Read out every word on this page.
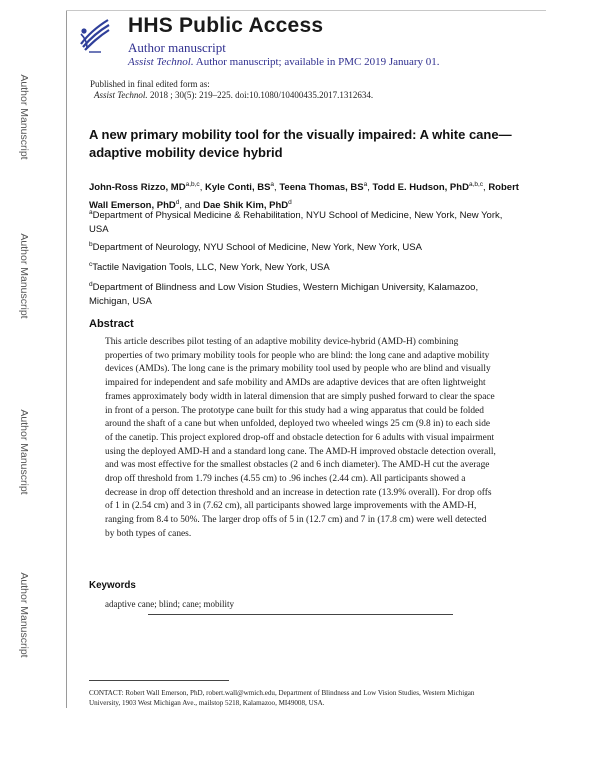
Author Manuscript
Author Manuscript
Author Manuscript
Author Manuscript
HHS Public Access
Author manuscript
Assist Technol. Author manuscript; available in PMC 2019 January 01.
Published in final edited form as:
Assist Technol. 2018 ; 30(5): 219–225. doi:10.1080/10400435.2017.1312634.
A new primary mobility tool for the visually impaired: A white cane—adaptive mobility device hybrid
John-Ross Rizzo, MD$^{a,b,c}$, Kyle Conti, $BS^a$, Teena Thomas, $BS^a$, Todd E. Hudson, PhD$^{a,b,c}$, Robert Wall Emerson, PhD$^d$, and Dae Shik Kim, PhD$^d$
$^a$Department of Physical Medicine & Rehabilitation, NYU School of Medicine, New York, New York, USA
$^b$Department of Neurology, NYU School of Medicine, New York, New York, USA
$^c$Tactile Navigation Tools, LLC, New York, New York, USA
$^d$Department of Blindness and Low Vision Studies, Western Michigan University, Kalamazoo, Michigan, USA
Abstract
This article describes pilot testing of an adaptive mobility device-hybrid (AMD-H) combining properties of two primary mobility tools for people who are blind: the long cane and adaptive mobility devices (AMDs). The long cane is the primary mobility tool used by people who are blind and visually impaired for independent and safe mobility and AMDs are adaptive devices that are often lightweight frames approximately body width in lateral dimension that are simply pushed forward to clear the space in front of a person. The prototype cane built for this study had a wing apparatus that could be folded around the shaft of a cane but when unfolded, deployed two wheeled wings 25 cm (9.8 in) to each side of the canetip. This project explored drop-off and obstacle detection for 6 adults with visual impairment using the deployed AMD-H and a standard long cane. The AMD-H improved obstacle detection overall, and was most effective for the smallest obstacles (2 and 6 inch diameter). The AMD-H cut the average drop off threshold from 1.79 inches (4.55 cm) to .96 inches (2.44 cm). All participants showed a decrease in drop off detection threshold and an increase in detection rate (13.9% overall). For drop offs of 1 in (2.54 cm) and 3 in (7.62 cm), all participants showed large improvements with the AMD-H, ranging from 8.4 to 50%. The larger drop offs of 5 in (12.7 cm) and 7 in (17.8 cm) were well detected by both types of canes.
Keywords
adaptive cane; blind; cane; mobility
CONTACT: Robert Wall Emerson, PhD, robert.wall@wmich.edu, Department of Blindness and Low Vision Studies, Western Michigan University, 1903 West Michigan Ave., mailstop 5218, Kalamazoo, MI49008, USA.
